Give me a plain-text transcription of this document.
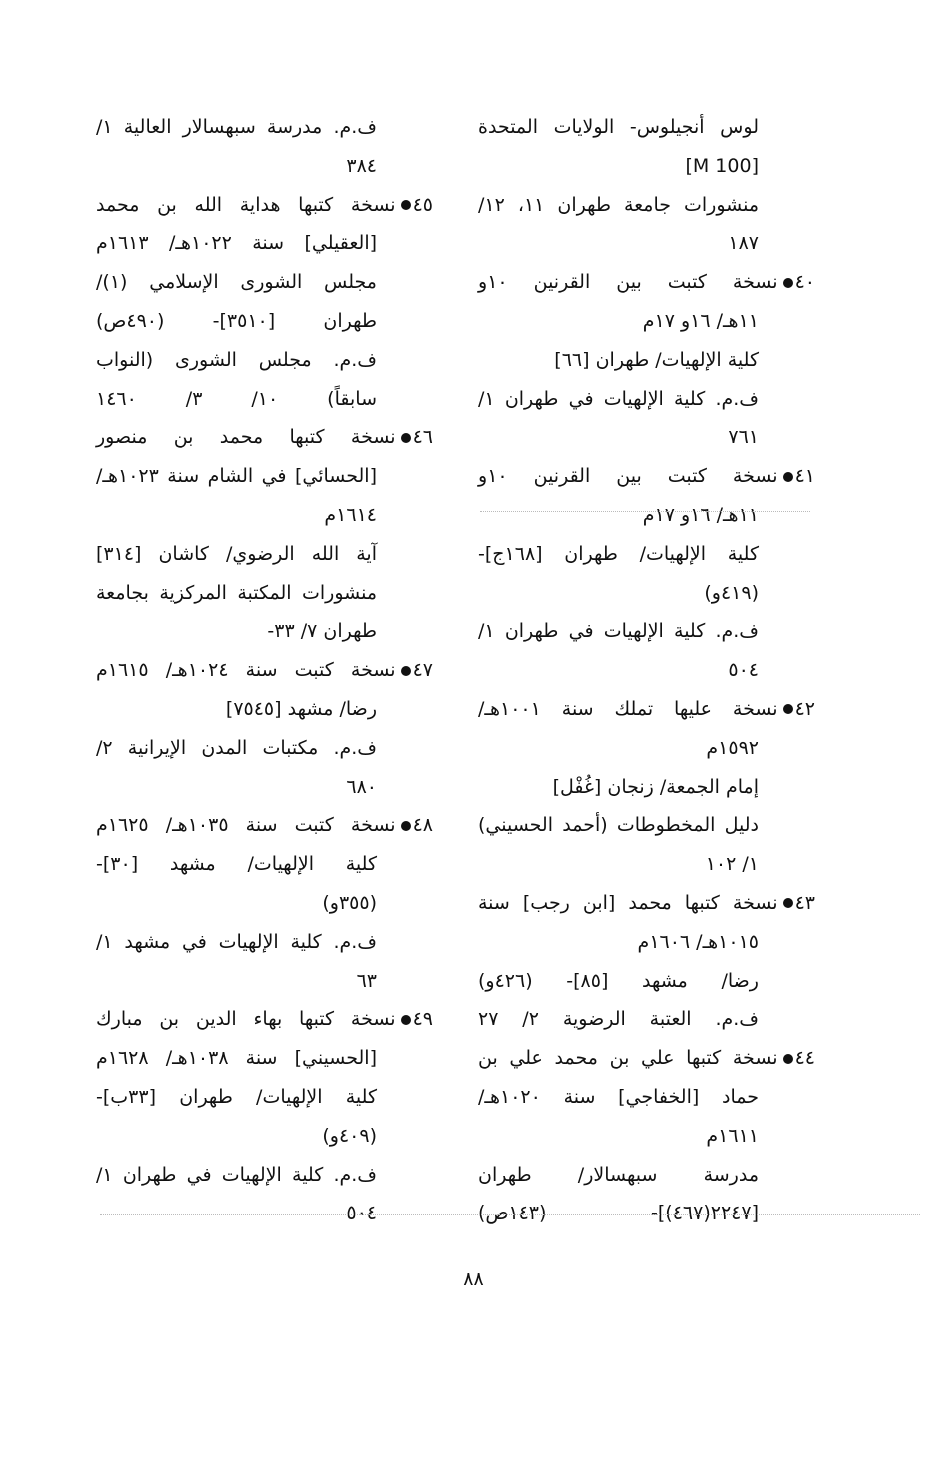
لوس أنجيلوس- الولايات المتحدة
[M 100]
منشورات جامعة طهران ١١، ١٢/
١٨٧
٤٠نسخة كتبت بين القرنين ١٠و
١١هـ/ ١٦و ١٧م
كلية الإلهيات/ طهران [٦٦]
ف.م. كلية الإلهيات في طهران ١/
٧٦١
٤١نسخة كتبت بين القرنين ١٠و
١١هـ/ ١٦و ١٧م
كلية الإلهيات/ طهران [١٦٨ج]-
(٤١٩و)
ف.م. كلية الإلهيات في طهران ١/
٥٠٤
٤٢نسخة عليها تملك سنة ١٠٠١هـ/
١٥٩٢م
إمام الجمعة/ زنجان [غُفْل]
دليل المخطوطات (أحمد الحسيني)
١/ ١٠٢
٤٣نسخة كتبها محمد [ابن رجب] سنة
١٠١٥هـ/ ١٦٠٦م
رضا/ مشهد [٨٥]- (٤٢٦و)
ف.م. العتبة الرضوية ٢/ ٢٧
٤٤نسخة كتبها علي بن محمد علي بن
حماد [الخفاجي] سنة ١٠٢٠هـ/
١٦١١م
مدرسة سبهسالار/ طهران
[٢٢٤٧(٤٦٧)]- (١٤٣ص)
ف.م. مدرسة سبهسالار العالية ١/
٣٨٤
٤٥نسخة كتبها هداية الله بن محمد
[العقيلي] سنة ١٠٢٢هـ/ ١٦١٣م
مجلس الشورى الإسلامي (١)/
طهران [٣٥١٠]- (٤٩٠ص)
ف.م. مجلس الشورى (النواب
سابقاً) ١٠/ ٣/ ١٤٦٠
٤٦نسخة كتبها محمد بن منصور
[الحسائي] في الشام سنة ١٠٢٣هـ/
١٦١٤م
آية الله الرضوي/ كاشان [٣١٤]
منشورات المكتبة المركزية بجامعة
طهران ٧/ ٣٣-
٤٧نسخة كتبت سنة ١٠٢٤هـ/ ١٦١٥م
رضا/ مشهد [٧٥٤٥]
ف.م. مكتبات المدن الإيرانية ٢/
٦٨٠
٤٨نسخة كتبت سنة ١٠٣٥هـ/ ١٦٢٥م
كلية الإلهيات/ مشهد [٣٠]-
(٣٥٥و)
ف.م. كلية الإلهيات في مشهد ١/
٦٣
٤٩نسخة كتبها بهاء الدين بن مبارك
[الحسيني] سنة ١٠٣٨هـ/ ١٦٢٨م
كلية الإلهيات/ طهران [٣٣ب]-
(٤٠٩و)
ف.م. كلية الإلهيات في طهران ١/
٥٠٤
٨٨
